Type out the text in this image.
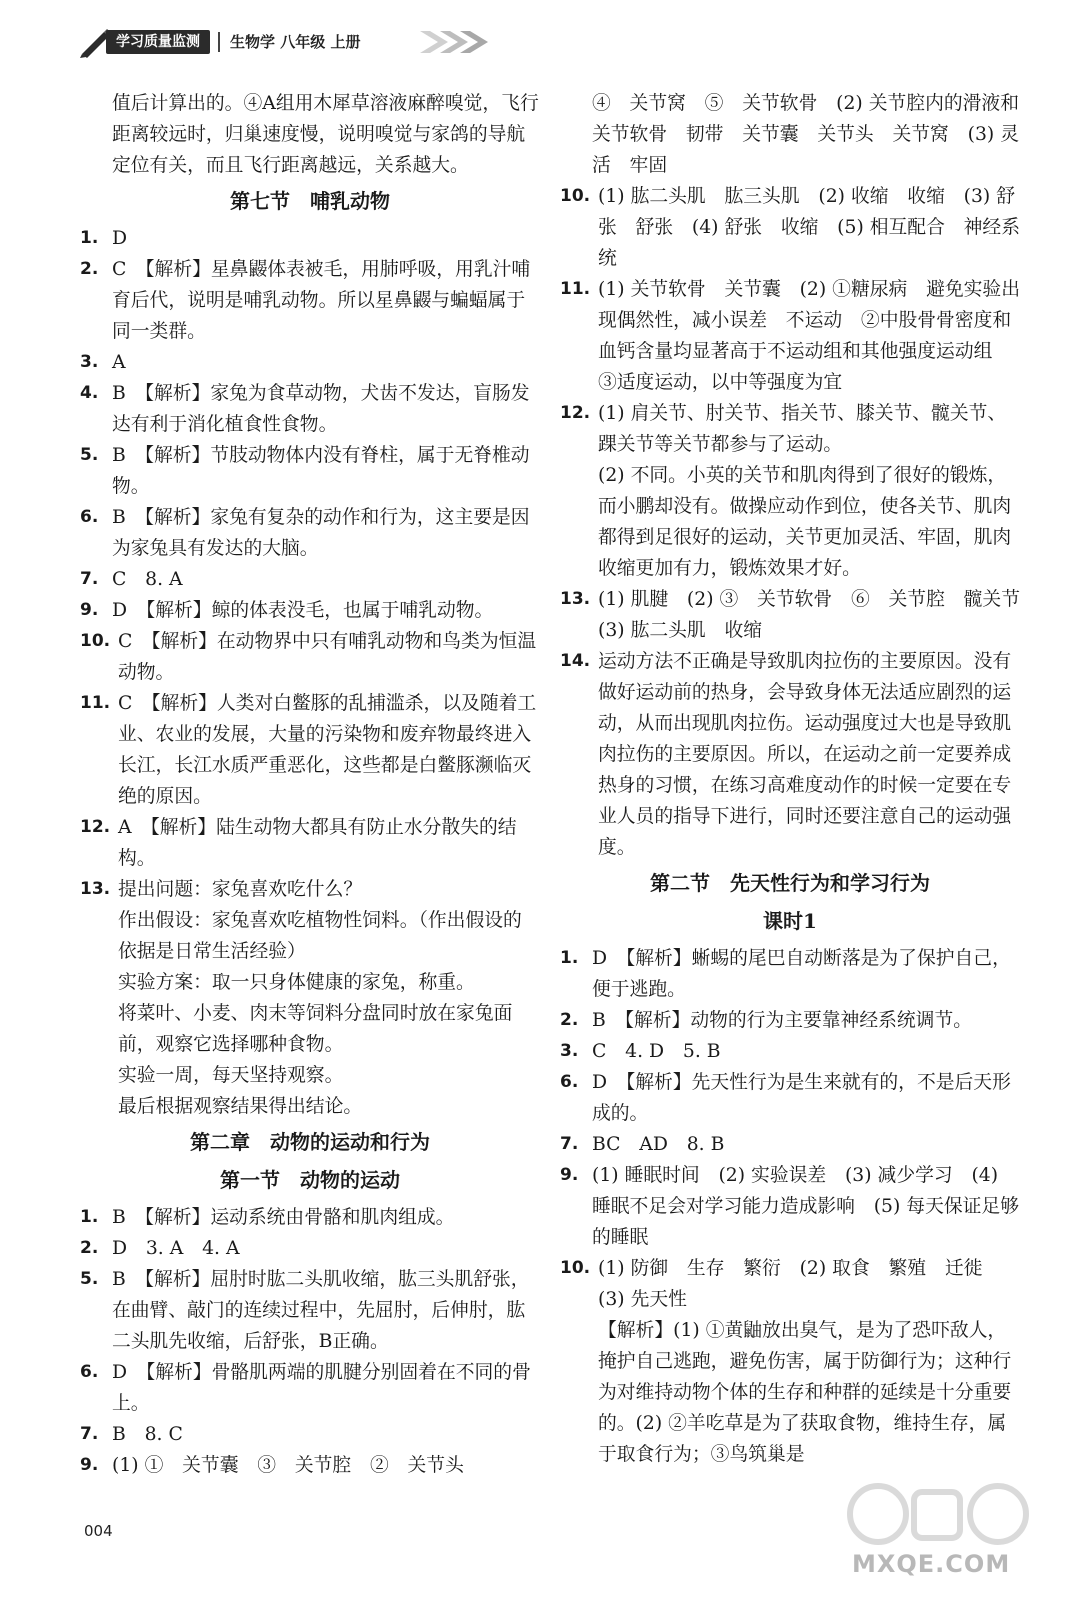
学习质量监测	生物学 八年级 上册

值后计算出的。④A组用木犀草溶液麻醉嗅觉，飞行距离较远时，归巢速度慢，说明嗅觉与家鸽的导航定位有关，而且飞行距离越远，关系越大。

第七节　哺乳动物

1. D

2. C　【解析】星鼻鼹体表被毛，用肺呼吸，用乳汁哺育后代，说明是哺乳动物。所以星鼻鼹与蝙蝠属于同一类群。

3. A

4. B　【解析】家兔为食草动物，犬齿不发达，盲肠发达有利于消化植食性食物。

5. B　【解析】节肢动物体内没有脊柱，属于无脊椎动物。

6. B　【解析】家兔有复杂的动作和行为，这主要是因为家兔具有发达的大脑。

7. C　8. A

9. D　【解析】鲸的体表没毛，也属于哺乳动物。

10. C　【解析】在动物界中只有哺乳动物和鸟类为恒温动物。

11. C　【解析】人类对白鳖豚的乱捕滥杀，以及随着工业、农业的发展，大量的污染物和废弃物最终进入长江，长江水质严重恶化，这些都是白鳖豚濒临灭绝的原因。

12. A　【解析】陆生动物大都具有防止水分散失的结构。

13. 提出问题：家兔喜欢吃什么？
作出假设：家兔喜欢吃植物性饲料。（作出假设的依据是日常生活经验）
实验方案：取一只身体健康的家兔，称重。
将菜叶、小麦、肉末等饲料分盘同时放在家兔面前，观察它选择哪种食物。
实验一周，每天坚持观察。
最后根据观察结果得出结论。
第二章　动物的运动和行为
第一节　动物的运动

1. B　【解析】运动系统由骨骼和肌肉组成。

2. D　3. A　4. A

5. B　【解析】屈肘时肱二头肌收缩，肱三头肌舒张，在曲臂、敲门的连续过程中，先屈肘，后伸肘，肱二头肌先收缩，后舒张，B正确。

6. D　【解析】骨骼肌两端的肌腱分别固着在不同的骨上。

7. B　8. C

9. (1) ①　关节囊　③　关节腔　②　关节头

④　关节窝　⑤　关节软骨　(2) 关节腔内的滑液和关节软骨　韧带　关节囊　关节头　关节窝　(3) 灵活　牢固

10. (1) 肱二头肌　肱三头肌　(2) 收缩　收缩　(3) 舒张　舒张　(4) 舒张　收缩　(5) 相互配合　神经系统

11. (1) 关节软骨　关节囊　(2) ①糖尿病　避免实验出现偶然性，减小误差　不运动　②中股骨骨密度和血钙含量均显著高于不运动组和其他强度运动组　③适度运动，以中等强度为宜

12. (1) 肩关节、肘关节、指关节、膝关节、髋关节、踝关节等关节都参与了运动。

(2) 不同。小英的关节和肌肉得到了很好的锻炼，而小鹏却没有。做操应动作到位，使各关节、肌肉都得到足很好的运动，关节更加灵活、牢固，肌肉收缩更加有力，锻炼效果才好。

13. (1) 肌腱　(2) ③　关节软骨　⑥　关节腔　髋关节　(3) 肱二头肌　收缩

14. 运动方法不正确是导致肌肉拉伤的主要原因。没有做好运动前的热身，会导致身体无法适应剧烈的运动，从而出现肌肉拉伤。运动强度过大也是导致肌肉拉伤的主要原因。所以，在运动之前一定要养成热身的习惯，在练习高难度动作的时候一定要在专业人员的指导下进行，同时还要注意自己的运动强度。

第二节　先天性行为和学习行为
课时1

1. D　【解析】蜥蜴的尾巴自动断落是为了保护自己，便于逃跑。

2. B　【解析】动物的行为主要靠神经系统调节。

3. C　4. D　5. B

6. D　【解析】先天性行为是生来就有的，不是后天形成的。

7. BC　AD　8. B

9. (1) 睡眠时间　(2) 实验误差　(3) 减少学习　(4) 睡眠不足会对学习能力造成影响　(5) 每天保证足够的睡眠

10. (1) 防御　生存　繁衍　(2) 取食　繁殖　迁徙　(3) 先天性

【解析】(1) ①黄鼬放出臭气，是为了恐吓敌人，掩护自己逃跑，避免伤害，属于防御行为；这种行为对维持动物个体的生存和种群的延续是十分重要的。(2) ②羊吃草是为了获取食物，维持生存，属于取食行为；③鸟筑巢是

004
MXQE.COM
